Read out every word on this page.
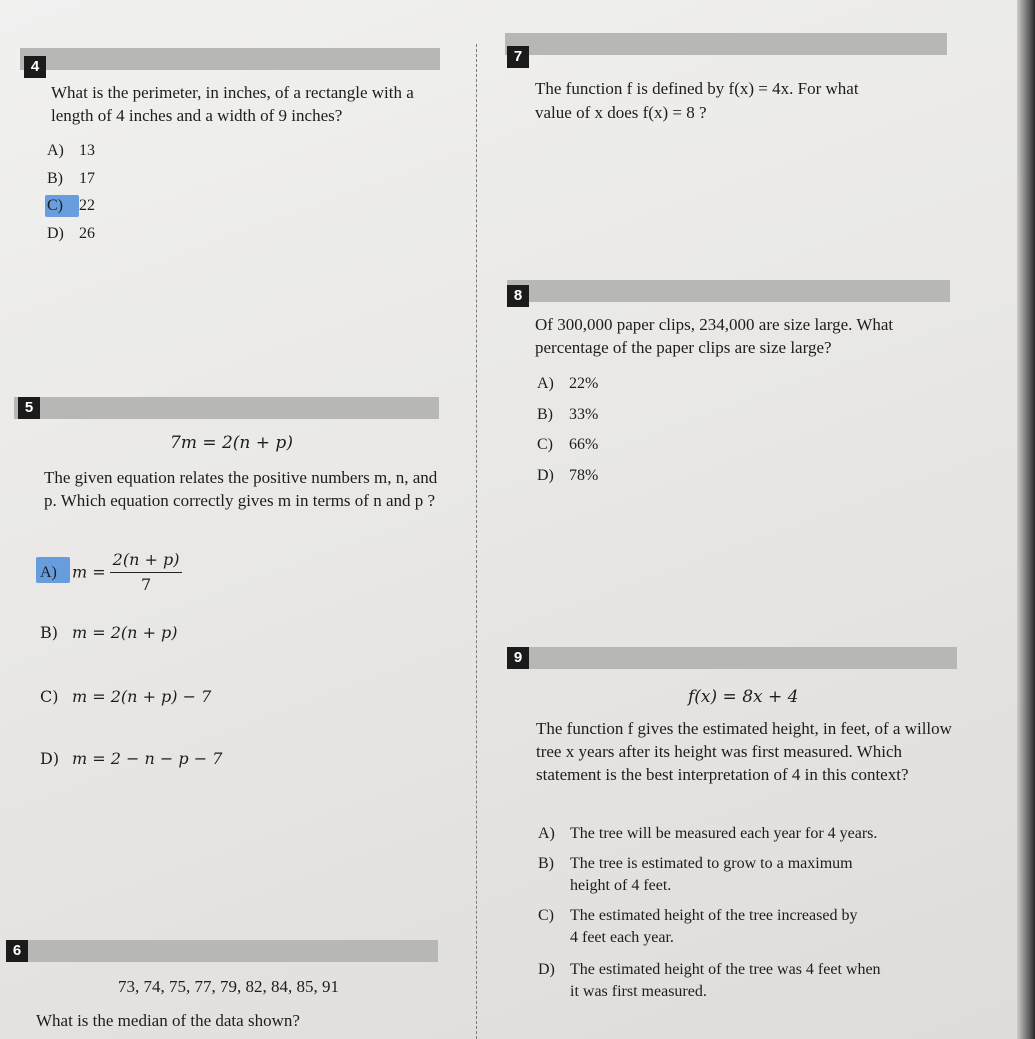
4
What is the perimeter, in inches, of a rectangle with a length of 4 inches and a width of 9 inches?
A) 13
B) 17
C) 22
D) 26
5
7m = 2(n + p)
The given equation relates the positive numbers m, n, and p. Which equation correctly gives m in terms of n and p ?
A) $m = \frac{2(n + p)}{7}$
B) m = 2(n + p)
C) m = 2(n + p) − 7
D) m = 2 − n − p − 7
6
73, 74, 75, 77, 79, 82, 84, 85, 91
What is the median of the data shown?
7
The function f is defined by f(x) = 4x. For what
value of x does f(x) = 8 ?
8
Of 300,000 paper clips, 234,000 are size large. What percentage of the paper clips are size large?
A) 22%
B) 33%
C) 66%
D) 78%
9
f(x) = 8x + 4
The function f gives the estimated height, in feet, of a willow tree x years after its height was first measured. Which statement is the best interpretation of 4 in this context?
A) The tree will be measured each year for 4 years.
B) The tree is estimated to grow to a maximum
height of 4 feet.
C) The estimated height of the tree increased by
4 feet each year.
D) The estimated height of the tree was 4 feet when
it was first measured.
